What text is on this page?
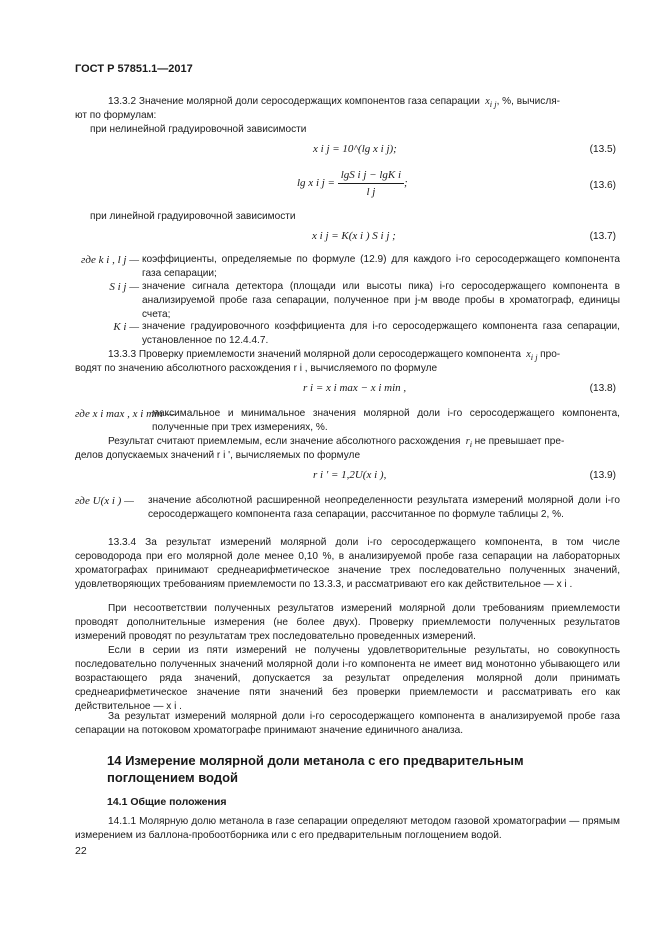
ГОСТ Р 57851.1—2017
13.3.2 Значение молярной доли серосодержащих компонентов газа сепарации  $x_{i j}$, %, вычисля-
ют по формулам:
при нелинейной градуировочной зависимости
x i j = 10^(lg x i j);	(13.5)
lg x i $j = \frac{\text{lgS i j − lgK i}}{\text{l j}}$ ;	(13.6)
при линейной градуировочной зависимости
x i j = K(x i ) S i j ;	(13.7)
где k i , l j — коэффициенты, определяемые по формуле (12.9) для каждого i-го серосодержащего компонента газа сепарации;
S i j — значение сигнала детектора (площади или высоты пика) i-го серосодержащего компонента в анализируемой пробе газа сепарации, полученное при j-м вводе пробы в хроматограф, единицы счета;
K i — значение градуировочного коэффициента для i-го серосодержащего компонента газа сепарации, установленное по 12.4.4.7.
13.3.3 Проверку приемлемости значений молярной доли серосодержащего компонента  $x_{i j}$ про-
водят по значению абсолютного расхождения r i , вычисляемого по формуле
r i = x i max − x i min ,	(13.8)
где x i max , x i min —
максимальное и минимальное значения молярной доли i-го серосодержащего компонента, полученные при трех измерениях, %.
Результат считают приемлемым, если значение абсолютного расхождения  $r_i$ не превышает пре-
делов допускаемых значений r i ', вычисляемых по формуле
r i ' = 1,2U(x i ),	(13.9)
где U(x i ) —	значение абсолютной расширенной неопределенности результата измерений молярной доли i-го серосодержащего компонента газа сепарации, рассчитанное по формуле таблицы 2, %.
13.3.4 За результат измерений молярной доли i-го серосодержащего компонента, в том числе сероводорода при его молярной доле менее 0,10 %, в анализируемой пробе газа сепарации на лабораторных хроматографах принимают среднеарифметическое значение трех последовательно полученных значений, удовлетворяющих требованиям приемлемости по 13.3.3, и рассматривают его как действительное — x i .
При несоответствии полученных результатов измерений молярной доли требованиям приемлемости проводят дополнительные измерения (не более двух). Проверку приемлемости полученных результатов измерений проводят по результатам трех последовательно проведенных измерений.
Если в серии из пяти измерений не получены удовлетворительные результаты, но совокупность последовательно полученных значений молярной доли i-го компонента не имеет вид монотонно убывающего или возрастающего ряда значений, допускается за результат определения молярной доли принимать среднеарифметическое значение пяти значений без проверки приемлемости и рассматривать его как действительное — x i .
За результат измерений молярной доли i-го серосодержащего компонента в анализируемой пробе газа сепарации на потоковом хроматографе принимают значение единичного анализа.
14 Измерение молярной доли метанола с его предварительным поглощением водой
14.1 Общие положения
14.1.1 Молярную долю метанола в газе сепарации определяют методом газовой хроматографии — прямым измерением из баллона-пробоотборника или с его предварительным поглощением водой.
22
